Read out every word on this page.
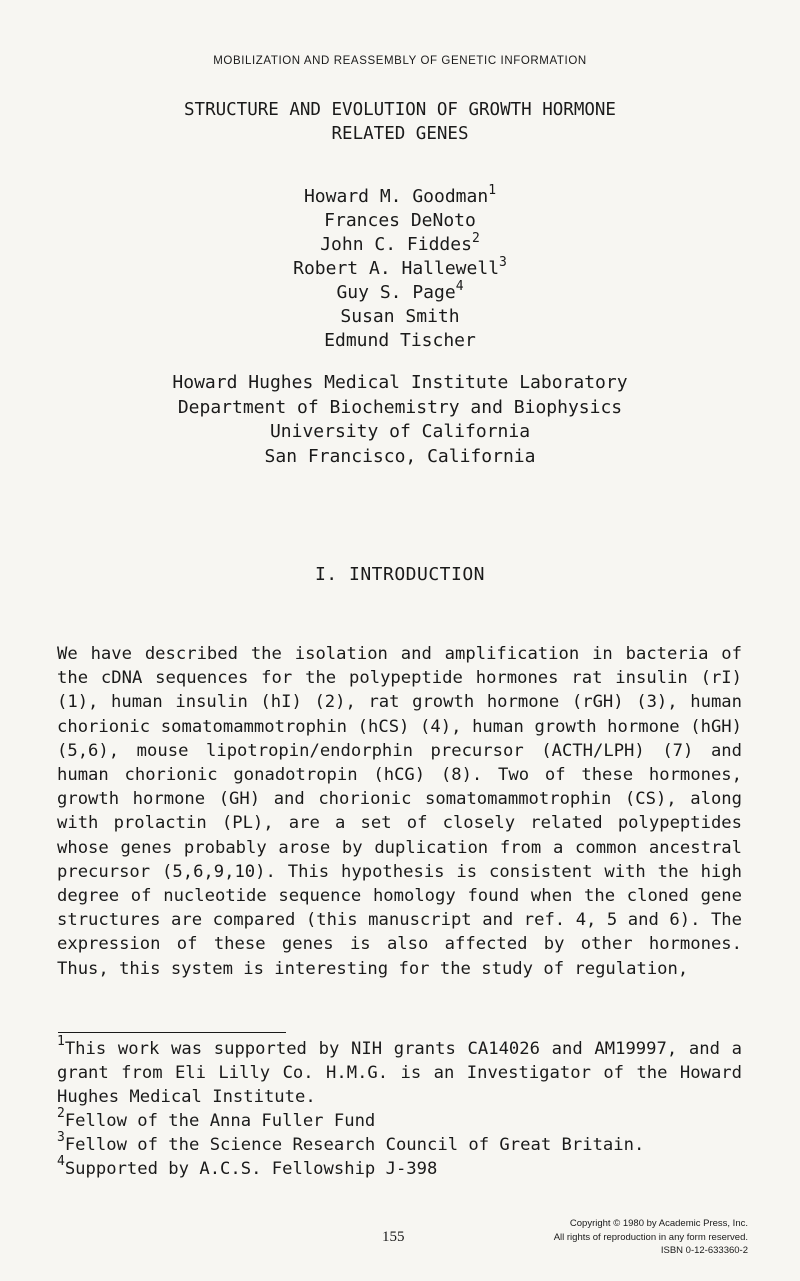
MOBILIZATION AND REASSEMBLY OF GENETIC INFORMATION
STRUCTURE AND EVOLUTION OF GROWTH HORMONE
RELATED GENES
Howard M. Goodman$^1$
Frances DeNoto
John C. Fiddes$^2$
Robert A. Hallewell$^3$
Guy S. Page$^4$
Susan Smith
Edmund Tischer
Howard Hughes Medical Institute Laboratory
Department of Biochemistry and Biophysics
University of California
San Francisco, California
I. INTRODUCTION
We have described the isolation and amplification in bacteria of the cDNA sequences for the polypeptide hormones rat insulin (rI) (1), human insulin (hI) (2), rat growth hormone (rGH) (3), human chorionic somatomammotrophin (hCS) (4), human growth hormone (hGH) (5,6), mouse lipotropin/endorphin precursor (ACTH/LPH) (7) and human chorionic gonadotropin (hCG) (8). Two of these hormones, growth hormone (GH) and chorionic somatomammotrophin (CS), along with prolactin (PL), are a set of closely related polypeptides whose genes probably arose by duplication from a common ancestral precursor (5,6,9,10). This hypothesis is consistent with the high degree of nucleotide sequence homology found when the cloned gene structures are compared (this manuscript and ref. 4, 5 and 6). The expression of these genes is also affected by other hormones. Thus, this system is interesting for the study of regulation,
$^1$This work was supported by NIH grants CA14026 and AM19997, and a grant from Eli Lilly Co. H.M.G. is an Investigator of the Howard Hughes Medical Institute.
$^2$Fellow of the Anna Fuller Fund
$^3$Fellow of the Science Research Council of Great Britain.
$^4$Supported by A.C.S. Fellowship J-398
155
Copyright © 1980 by Academic Press, Inc.
All rights of reproduction in any form reserved.
ISBN 0-12-633360-2
